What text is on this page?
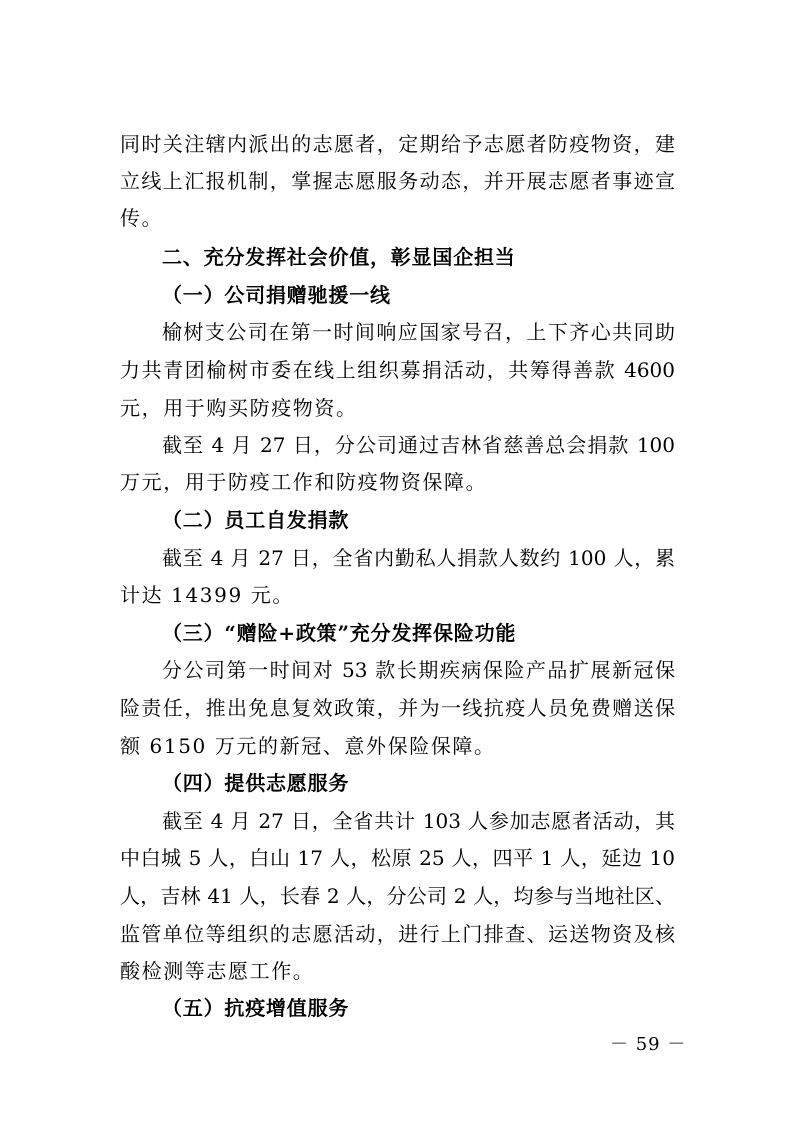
同时关注辖内派出的志愿者，定期给予志愿者防疫物资，建
立线上汇报机制，掌握志愿服务动态，并开展志愿者事迹宣
传。
二、充分发挥社会价值，彰显国企担当
（一）公司捐赠驰援一线
榆树支公司在第一时间响应国家号召，上下齐心共同助
力共青团榆树市委在线上组织募捐活动，共筹得善款 4600
元，用于购买防疫物资。
截至 4 月 27 日，分公司通过吉林省慈善总会捐款 100
万元，用于防疫工作和防疫物资保障。
（二）员工自发捐款
截至 4 月 27 日，全省内勤私人捐款人数约 100 人，累
计达 14399 元。
（三）“赠险+政策”充分发挥保险功能
分公司第一时间对 53 款长期疾病保险产品扩展新冠保
险责任，推出免息复效政策，并为一线抗疫人员免费赠送保
额 6150 万元的新冠、意外保险保障。
（四）提供志愿服务
截至 4 月 27 日，全省共计 103 人参加志愿者活动，其
中白城 5 人，白山 17 人，松原 25 人，四平 1 人，延边 10
人，吉林 41 人，长春 2 人，分公司 2 人，均参与当地社区、
监管单位等组织的志愿活动，进行上门排查、运送物资及核
酸检测等志愿工作。
（五）抗疫增值服务
－ 59 －
